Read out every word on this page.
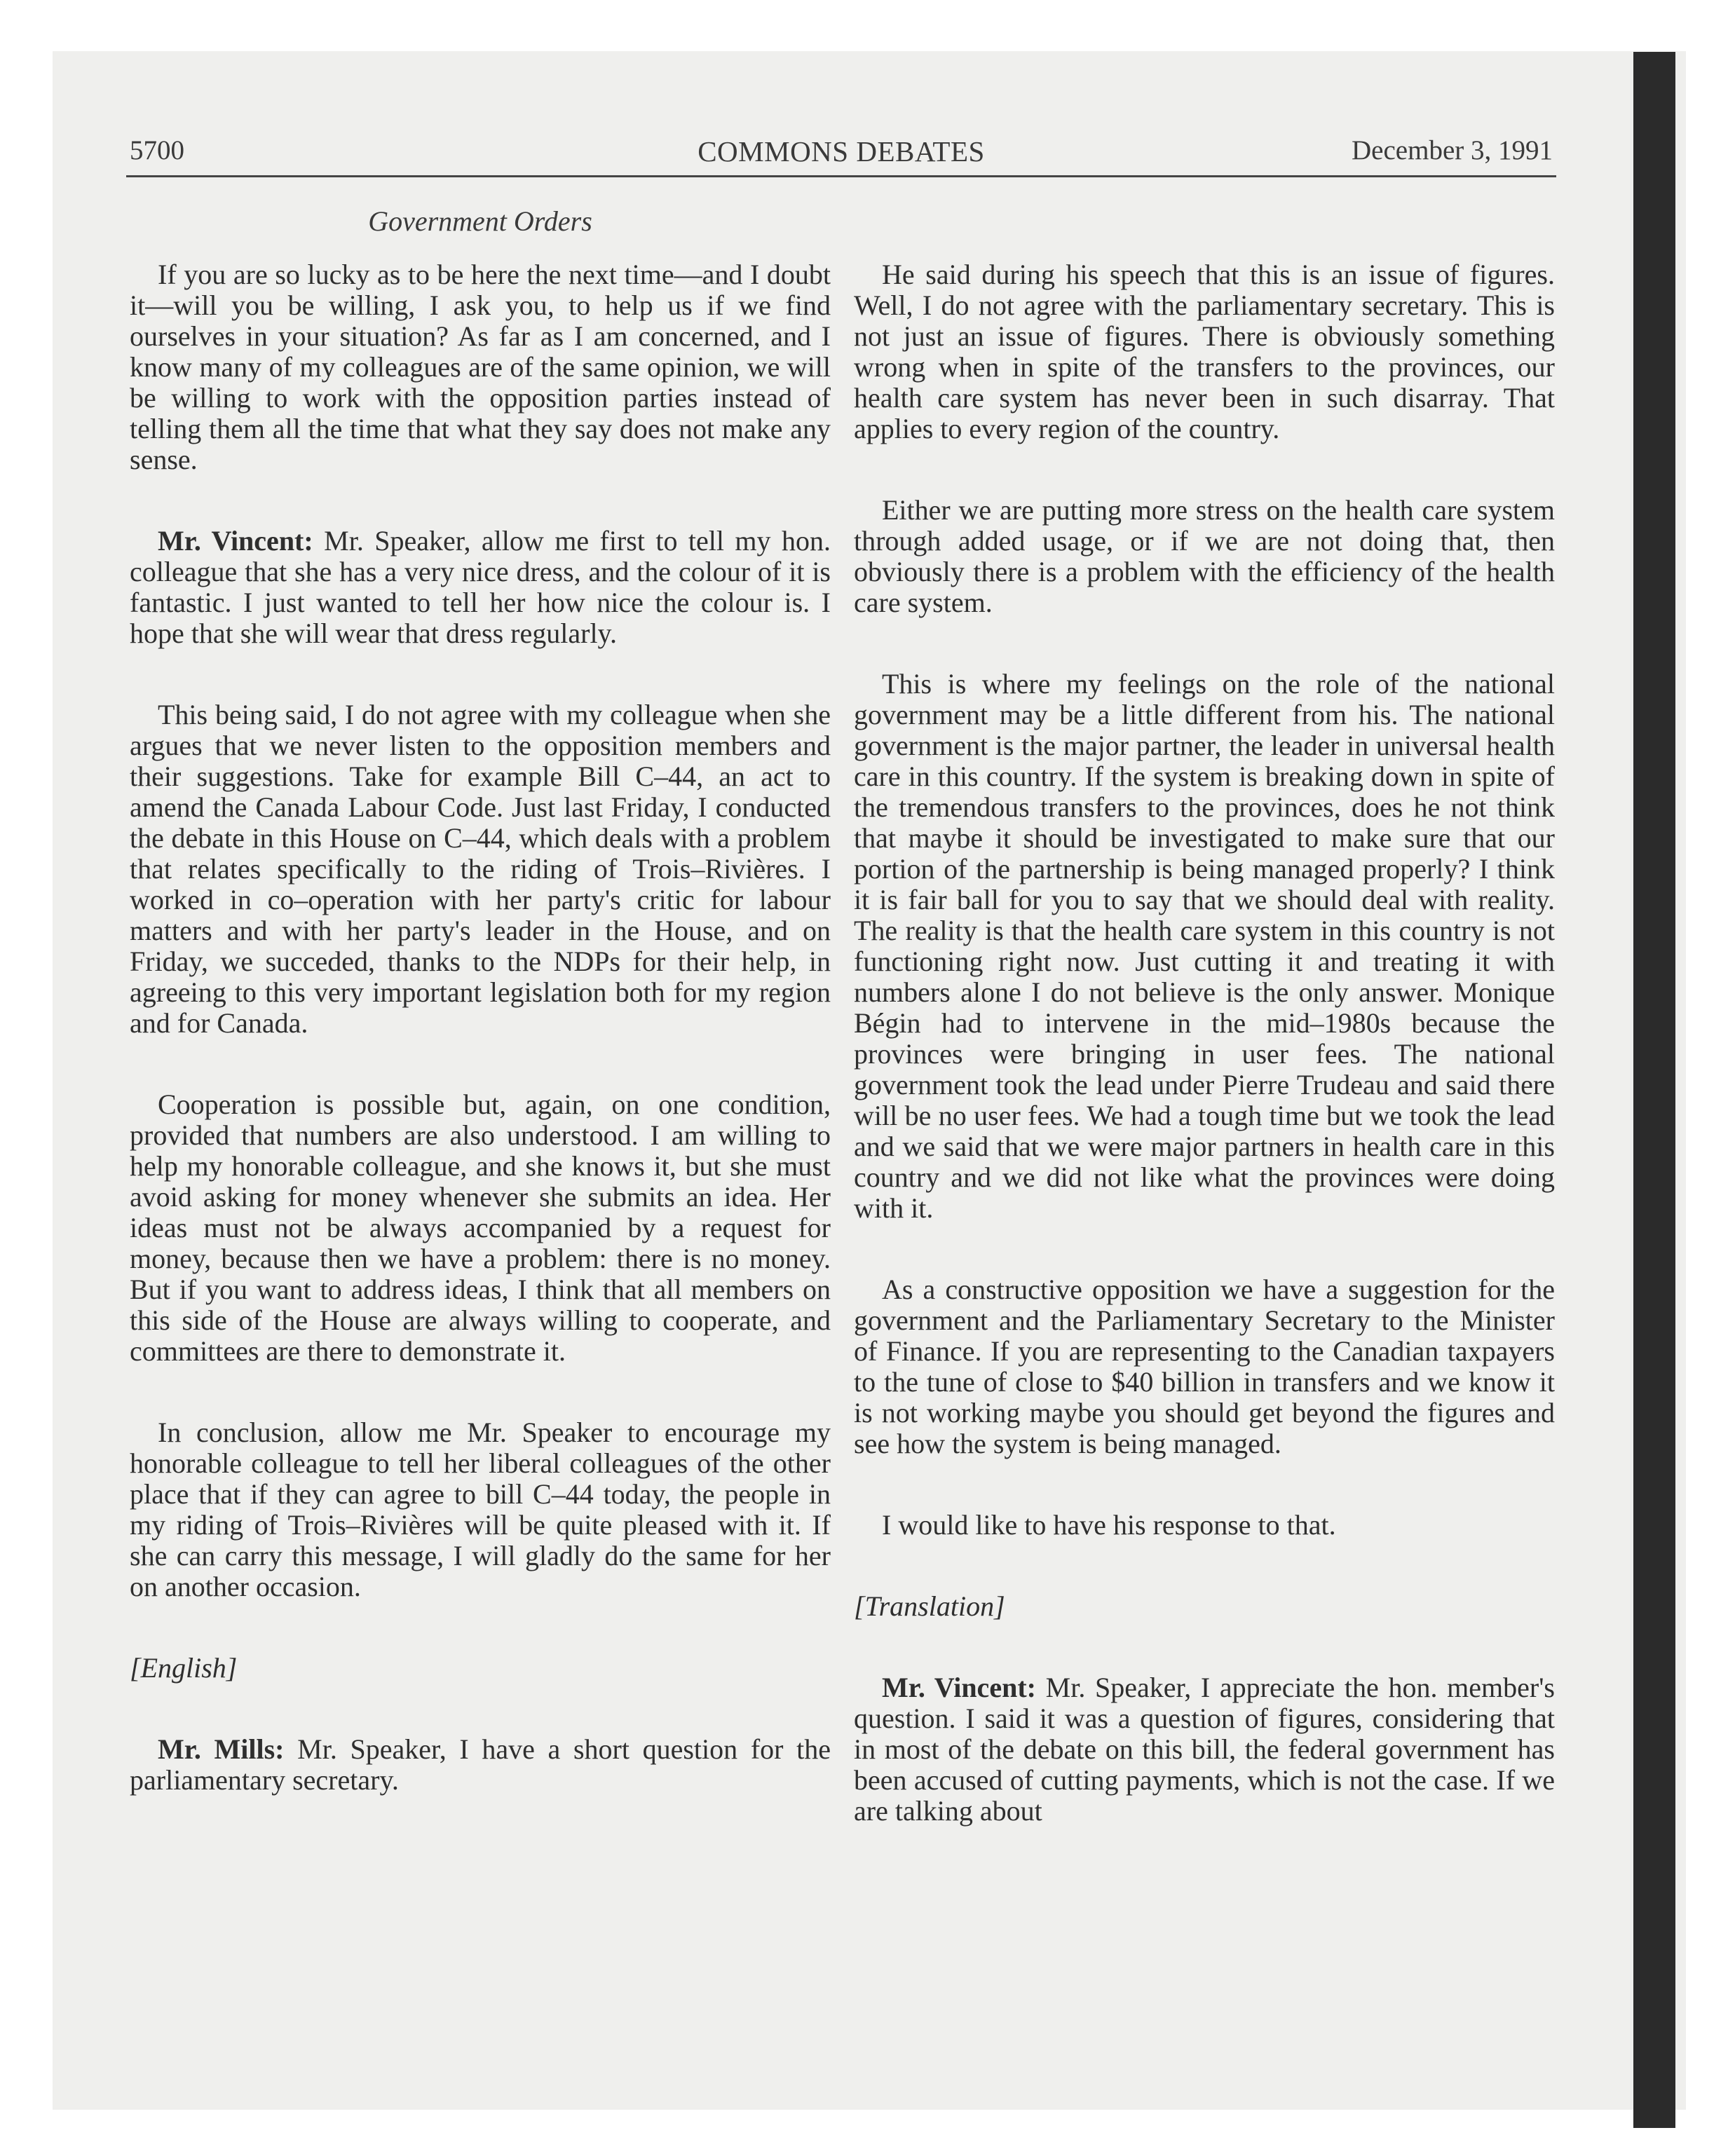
5700	COMMONS DEBATES	December 3, 1991
Government Orders

If you are so lucky as to be here the next time—and I doubt it—will you be willing, I ask you, to help us if we find ourselves in your situation? As far as I am concerned, and I know many of my colleagues are of the same opinion, we will be willing to work with the opposition parties instead of telling them all the time that what they say does not make any sense.

Mr. Vincent: Mr. Speaker, allow me first to tell my hon. colleague that she has a very nice dress, and the colour of it is fantastic. I just wanted to tell her how nice the colour is. I hope that she will wear that dress regularly.

This being said, I do not agree with my colleague when she argues that we never listen to the opposition members and their suggestions. Take for example Bill C–44, an act to amend the Canada Labour Code. Just last Friday, I conducted the debate in this House on C–44, which deals with a problem that relates specifically to the riding of Trois–Rivières. I worked in co–operation with her party's critic for labour matters and with her party's leader in the House, and on Friday, we succeded, thanks to the NDPs for their help, in agreeing to this very important legislation both for my region and for Canada.

Cooperation is possible but, again, on one condition, provided that numbers are also understood. I am willing to help my honorable colleague, and she knows it, but she must avoid asking for money whenever she submits an idea. Her ideas must not be always accompanied by a request for money, because then we have a problem: there is no money. But if you want to address ideas, I think that all members on this side of the House are always willing to cooperate, and committees are there to demonstrate it.

In conclusion, allow me Mr. Speaker to encourage my honorable colleague to tell her liberal colleagues of the other place that if they can agree to bill C–44 today, the people in my riding of Trois–Rivières will be quite pleased with it. If she can carry this message, I will gladly do the same for her on another occasion.

[English]

Mr. Mills: Mr. Speaker, I have a short question for the parliamentary secretary.

He said during his speech that this is an issue of figures. Well, I do not agree with the parliamentary secretary. This is not just an issue of figures. There is obviously something wrong when in spite of the transfers to the provinces, our health care system has never been in such disarray. That applies to every region of the country.

Either we are putting more stress on the health care system through added usage, or if we are not doing that, then obviously there is a problem with the efficiency of the health care system.

This is where my feelings on the role of the national government may be a little different from his. The national government is the major partner, the leader in universal health care in this country. If the system is breaking down in spite of the tremendous transfers to the provinces, does he not think that maybe it should be investigated to make sure that our portion of the partnership is being managed properly? I think it is fair ball for you to say that we should deal with reality. The reality is that the health care system in this country is not functioning right now. Just cutting it and treating it with numbers alone I do not believe is the only answer. Monique Bégin had to intervene in the mid–1980s because the provinces were bringing in user fees. The national government took the lead under Pierre Trudeau and said there will be no user fees. We had a tough time but we took the lead and we said that we were major partners in health care in this country and we did not like what the provinces were doing with it.

As a constructive opposition we have a suggestion for the government and the Parliamentary Secretary to the Minister of Finance. If you are representing to the Canadian taxpayers to the tune of close to $40 billion in transfers and we know it is not working maybe you should get beyond the figures and see how the system is being managed.

I would like to have his response to that.

[Translation]

Mr. Vincent: Mr. Speaker, I appreciate the hon. member's question. I said it was a question of figures, considering that in most of the debate on this bill, the federal government has been accused of cutting payments, which is not the case. If we are talking about
